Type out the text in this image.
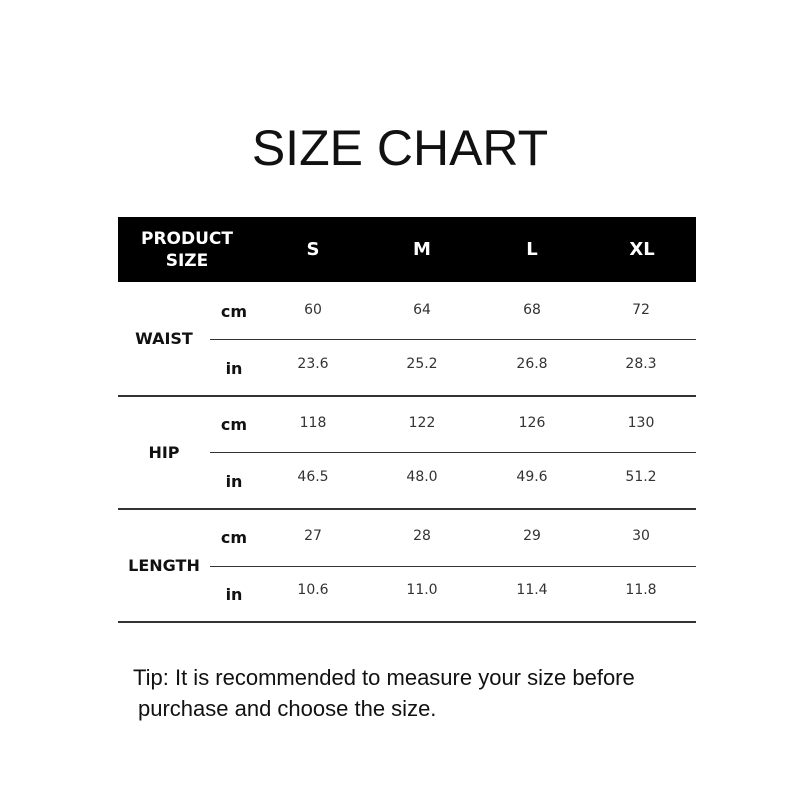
SIZE CHART
PRODUCT
SIZE
S	M	L	XL
WAIST
cm	60	64	68	72
in	23.6	25.2	26.8	28.3
HIP
cm	118	122	126	130
in	46.5	48.0	49.6	51.2
LENGTH
cm	27	28	29	30
in	10.6	11.0	11.4	11.8
Tip: It is recommended to measure your size before
purchase and choose the size.
